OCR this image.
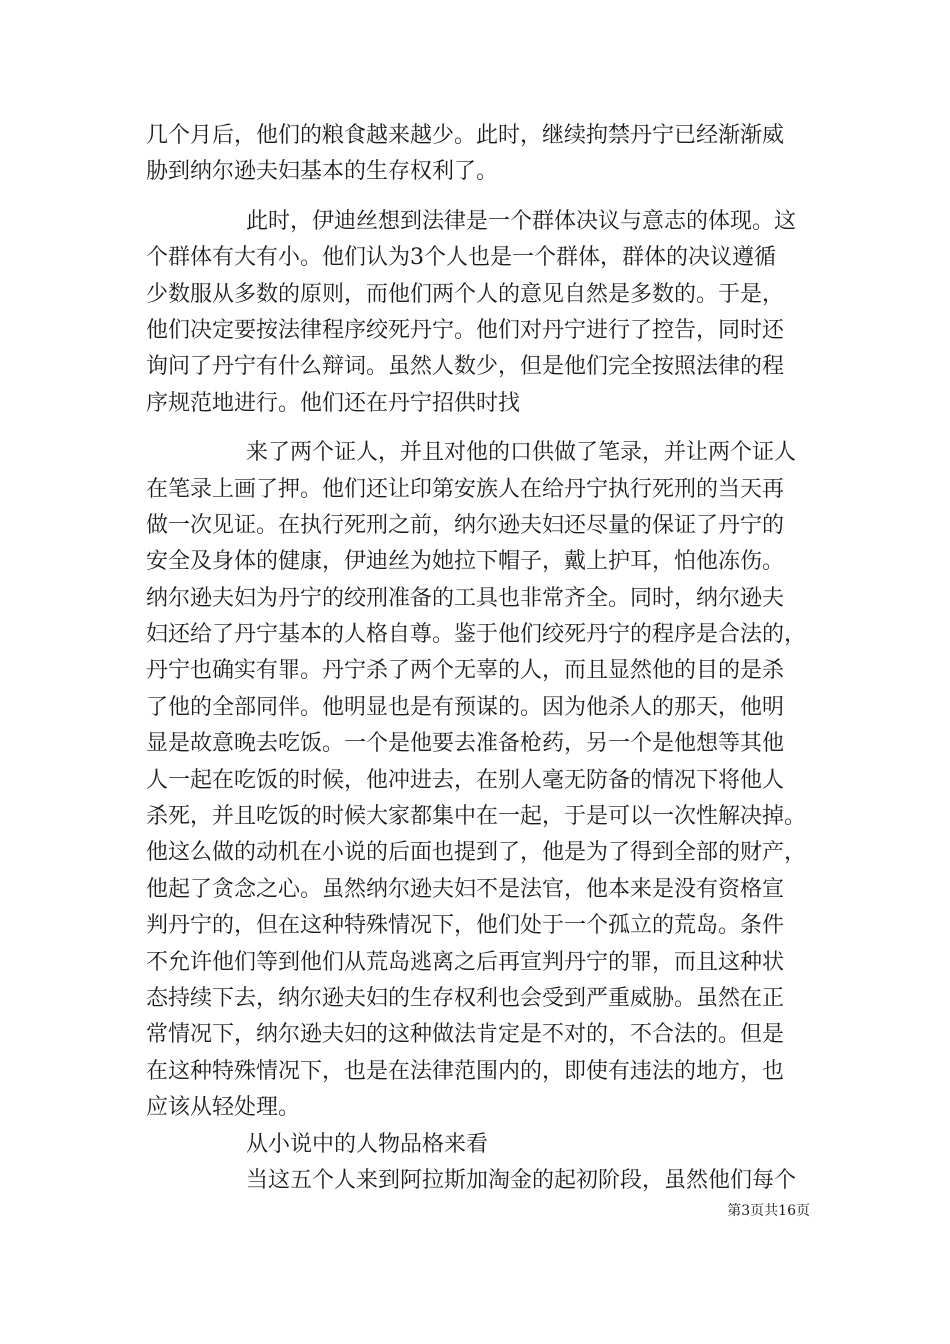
几个月后，他们的粮食越来越少。此时，继续拘禁丹宁已经渐渐威
胁到纳尔逊夫妇基本的生存权利了。
此时，伊迪丝想到法律是一个群体决议与意志的体现。这
个群体有大有小。他们认为3个人也是一个群体，群体的决议遵循
少数服从多数的原则，而他们两个人的意见自然是多数的。于是，
他们决定要按法律程序绞死丹宁。他们对丹宁进行了控告，同时还
询问了丹宁有什么辩词。虽然人数少，但是他们完全按照法律的程
序规范地进行。他们还在丹宁招供时找
来了两个证人，并且对他的口供做了笔录，并让两个证人
在笔录上画了押。他们还让印第安族人在给丹宁执行死刑的当天再
做一次见证。在执行死刑之前，纳尔逊夫妇还尽量的保证了丹宁的
安全及身体的健康，伊迪丝为她拉下帽子，戴上护耳，怕他冻伤。
纳尔逊夫妇为丹宁的绞刑准备的工具也非常齐全。同时，纳尔逊夫
妇还给了丹宁基本的人格自尊。鉴于他们绞死丹宁的程序是合法的，
丹宁也确实有罪。丹宁杀了两个无辜的人，而且显然他的目的是杀
了他的全部同伴。他明显也是有预谋的。因为他杀人的那天，他明
显是故意晚去吃饭。一个是他要去准备枪药，另一个是他想等其他
人一起在吃饭的时候，他冲进去，在别人毫无防备的情况下将他人
杀死，并且吃饭的时候大家都集中在一起，于是可以一次性解决掉。
他这么做的动机在小说的后面也提到了，他是为了得到全部的财产，
他起了贪念之心。虽然纳尔逊夫妇不是法官，他本来是没有资格宣
判丹宁的，但在这种特殊情况下，他们处于一个孤立的荒岛。条件
不允许他们等到他们从荒岛逃离之后再宣判丹宁的罪，而且这种状
态持续下去，纳尔逊夫妇的生存权利也会受到严重威胁。虽然在正
常情况下，纳尔逊夫妇的这种做法肯定是不对的，不合法的。但是
在这种特殊情况下，也是在法律范围内的，即使有违法的地方，也
应该从轻处理。
从小说中的人物品格来看
当这五个人来到阿拉斯加淘金的起初阶段，虽然他们每个
第3页共16页
